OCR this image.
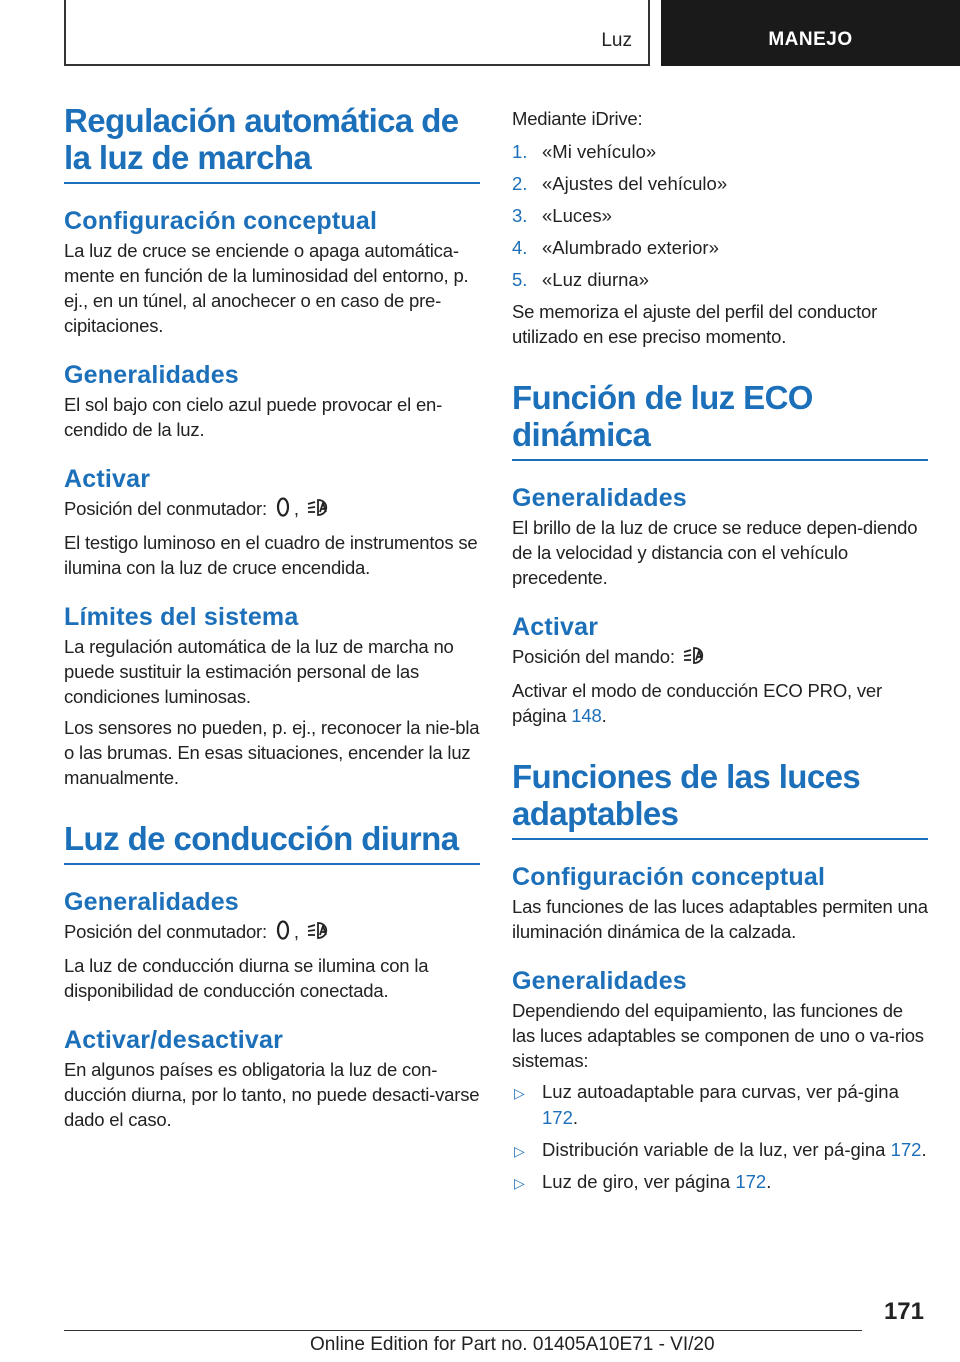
Luz	MANEJO
Regulación automática de la luz de marcha
Configuración conceptual

La luz de cruce se enciende o apaga automática-mente en función de la luminosidad del entorno, p. ej., en un túnel, al anochecer o en caso de pre-cipitaciones.

Generalidades

El sol bajo con cielo azul puede provocar el en-cendido de la luz.

Activar

Posición del conmutador: ,

El testigo luminoso en el cuadro de instrumentos se ilumina con la luz de cruce encendida.

Límites del sistema

La regulación automática de la luz de marcha no puede sustituir la estimación personal de las condiciones luminosas.

Los sensores no pueden, p. ej., reconocer la nie-bla o las brumas. En esas situaciones, encender la luz manualmente.

Luz de conducción diurna
Generalidades

Posición del conmutador: ,

La luz de conducción diurna se ilumina con la disponibilidad de conducción conectada.

Activar/desactivar

En algunos países es obligatoria la luz de con-ducción diurna, por lo tanto, no puede desacti-varse dado el caso.

Mediante iDrive:

1. «Mi vehículo»
2. «Ajustes del vehículo»
3. «Luces»
4. «Alumbrado exterior»
5. «Luz diurna»

Se memoriza el ajuste del perfil del conductor utilizado en ese preciso momento.

Función de luz ECO dinámica
Generalidades

El brillo de la luz de cruce se reduce depen-diendo de la velocidad y distancia con el vehículo precedente.

Activar

Posición del mando:

Activar el modo de conducción ECO PRO, ver página 148.

Funciones de las luces adaptables
Configuración conceptual

Las funciones de las luces adaptables permiten una iluminación dinámica de la calzada.

Generalidades

Dependiendo del equipamiento, las funciones de las luces adaptables se componen de uno o va-rios sistemas:

▷ Luz autoadaptable para curvas, ver pá-gina 172.
▷ Distribución variable de la luz, ver pá-gina 172.
▷ Luz de giro, ver página 172.
171
Online Edition for Part no. 01405A10E71 - VI/20
